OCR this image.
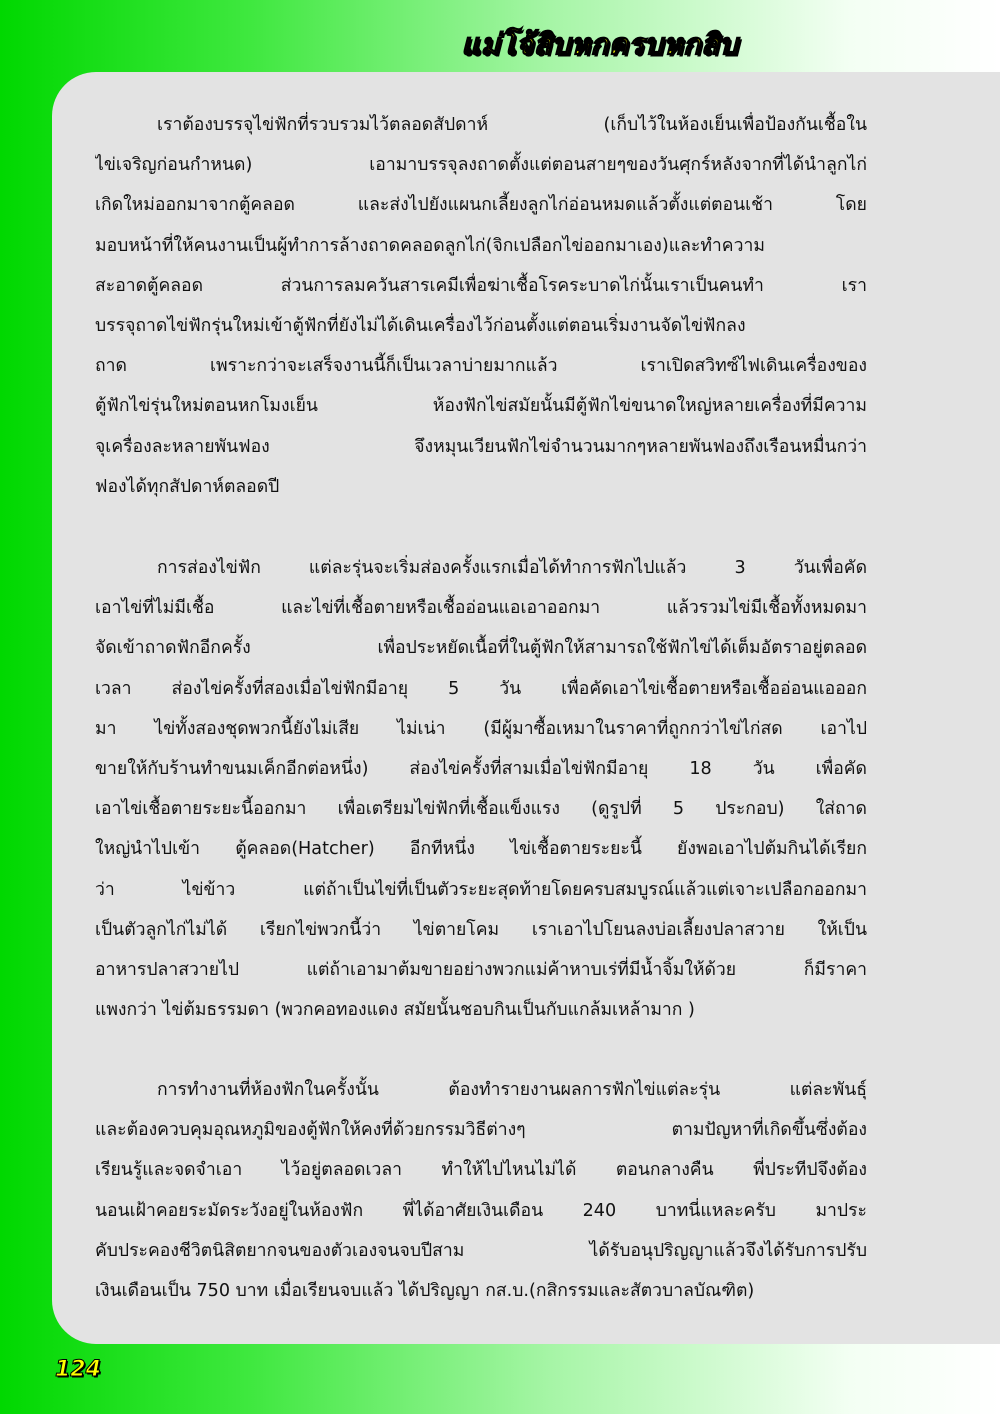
แม่โจ้สิบหกครบหกสิบ
เราต้องบรรจุไข่ฟักที่รวบรวมไว้ตลอดสัปดาห์ (เก็บไว้ในห้องเย็นเพื่อป้องกันเชื้อใน
ไข่เจริญก่อนกำหนด) เอามาบรรจุลงถาดตั้งแต่ตอนสายๆของวันศุกร์หลังจากที่ได้นำลูกไก่
เกิดใหม่ออกมาจากตู้คลอด และส่งไปยังแผนกเลี้ยงลูกไก่อ่อนหมดแล้วตั้งแต่ตอนเช้า โดย
มอบหน้าที่ให้คนงานเป็นผู้ทำการล้างถาดคลอดลูกไก่(จิกเปลือกไข่ออกมาเอง)และทำความ
สะอาดตู้คลอด ส่วนการลมควันสารเคมีเพื่อฆ่าเชื้อโรคระบาดไก่นั้นเราเป็นคนทำ เรา
บรรจุถาดไข่ฟักรุ่นใหม่เข้าตู้ฟักที่ยังไม่ได้เดินเครื่องไว้ก่อนตั้งแต่ตอนเริ่มงานจัดไข่ฟักลง
ถาด เพราะกว่าจะเสร็จงานนี้ก็เป็นเวลาบ่ายมากแล้ว เราเปิดสวิทซ์ไฟเดินเครื่องของ
ตู้ฟักไข่รุ่นใหม่ตอนหกโมงเย็น ห้องฟักไข่สมัยนั้นมีตู้ฟักไข่ขนาดใหญ่หลายเครื่องที่มีความ
จุเครื่องละหลายพันฟอง จึงหมุนเวียนฟักไข่จำนวนมากๆหลายพันฟองถึงเรือนหมื่นกว่า
ฟองได้ทุกสัปดาห์ตลอดปี
การส่องไข่ฟัก แต่ละรุ่นจะเริ่มส่องครั้งแรกเมื่อได้ทำการฟักไปแล้ว 3 วันเพื่อคัด
เอาไข่ที่ไม่มีเชื้อ และไข่ที่เชื้อตายหรือเชื้ออ่อนแอเอาออกมา แล้วรวมไข่มีเชื้อทั้งหมดมา
จัดเข้าถาดฟักอีกครั้ง เพื่อประหยัดเนื้อที่ในตู้ฟักให้สามารถใช้ฟักไข่ได้เต็มอัตราอยู่ตลอด
เวลา ส่องไข่ครั้งที่สองเมื่อไข่ฟักมีอายุ 5 วัน เพื่อคัดเอาไข่เชื้อตายหรือเชื้ออ่อนแอออก
มา ไข่ทั้งสองชุดพวกนี้ยังไม่เสีย ไม่เน่า (มีผู้มาซื้อเหมาในราคาที่ถูกกว่าไข่ไก่สด เอาไป
ขายให้กับร้านทำขนมเค็กอีกต่อหนึ่ง) ส่องไข่ครั้งที่สามเมื่อไข่ฟักมีอายุ 18 วัน เพื่อคัด
เอาไข่เชื้อตายระยะนี้ออกมา เพื่อเตรียมไข่ฟักที่เชื้อแข็งแรง (ดูรูปที่ 5 ประกอบ) ใส่ถาด
ใหญ่นำไปเข้า ตู้คลอด(Hatcher) อีกทีหนึ่ง ไข่เชื้อตายระยะนี้ ยังพอเอาไปต้มกินได้เรียก
ว่า ไข่ข้าว แต่ถ้าเป็นไข่ที่เป็นตัวระยะสุดท้ายโดยครบสมบูรณ์แล้วแต่เจาะเปลือกออกมา
เป็นตัวลูกไก่ไม่ได้ เรียกไข่พวกนี้ว่า ไข่ตายโคม เราเอาไปโยนลงบ่อเลี้ยงปลาสวาย ให้เป็น
อาหารปลาสวายไป แต่ถ้าเอามาต้มขายอย่างพวกแม่ค้าหาบเร่ที่มีน้ำจิ้มให้ด้วย ก็มีราคา
แพงกว่า ไข่ต้มธรรมดา (พวกคอทองแดง สมัยนั้นชอบกินเป็นกับแกล้มเหล้ามาก )
การทำงานที่ห้องฟักในครั้งนั้น ต้องทำรายงานผลการฟักไข่แต่ละรุ่น แต่ละพันธุ์
และต้องควบคุมอุณหภูมิของตู้ฟักให้คงที่ด้วยกรรมวิธีต่างๆ ตามปัญหาที่เกิดขึ้นซึ่งต้อง
เรียนรู้และจดจำเอา ไว้อยู่ตลอดเวลา ทำให้ไปไหนไม่ได้ ตอนกลางคืน พี่ประทีปจึงต้อง
นอนเฝ้าคอยระมัดระวังอยู่ในห้องฟัก พี่ได้อาศัยเงินเดือน 240 บาทนี่แหละครับ มาประ
คับประคองชีวิตนิสิตยากจนของตัวเองจนจบปีสาม ได้รับอนุปริญญาแล้วจึงได้รับการปรับ
เงินเดือนเป็น 750 บาท เมื่อเรียนจบแล้ว ได้ปริญญา กส.บ.(กสิกรรมและสัตวบาลบัณฑิต)
124
